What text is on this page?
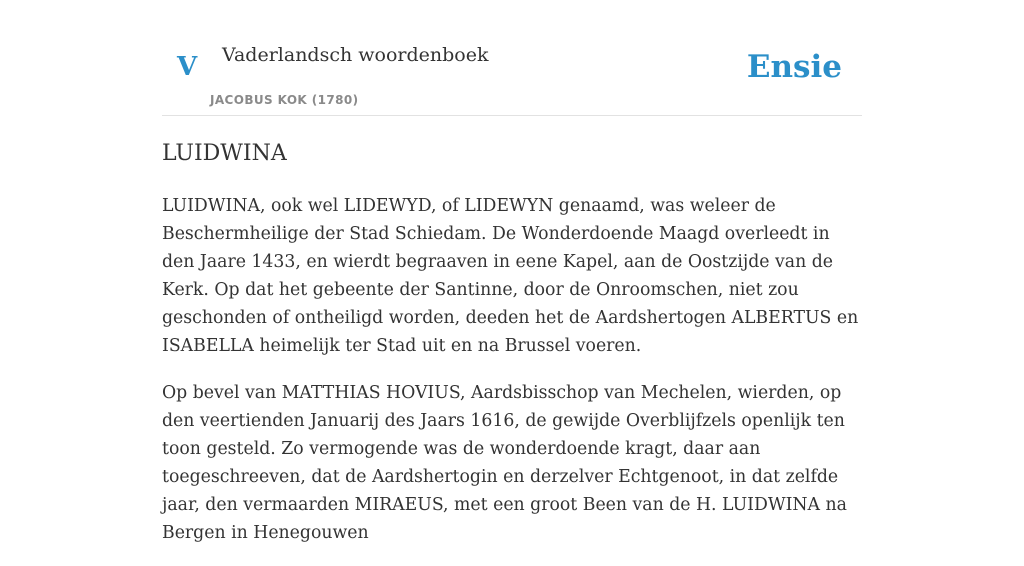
V Vaderlandsch woordenboek
JACOBUS KOK (1780)
Ensie
LUIDWINA

LUIDWINA, ook wel LIDEWYD, of LIDEWYN genaamd, was weleer de Beschermheilige der Stad Schiedam. De Wonderdoende Maagd overleedt in den Jaare 1433, en wierdt begraaven in eene Kapel, aan de Oostzijde van de Kerk. Op dat het gebeente der Santinne, door de Onroomschen, niet zou geschonden of ontheiligd worden, deeden het de Aardshertogen ALBERTUS en ISABELLA heimelijk ter Stad uit en na Brussel voeren.

Op bevel van MATTHIAS HOVIUS, Aardsbisschop van Mechelen, wierden, op den veertienden Januarij des Jaars 1616, de gewijde Overblijfzels openlijk ten toon gesteld. Zo vermogende was de wonderdoende kragt, daar aan toegeschreeven, dat de Aardshertogin en derzelver Echtgenoot, in dat zelfde jaar, den vermaarden MIRAEUS, met een groot Been van de H. LUIDWINA na Bergen in Henegouwen
